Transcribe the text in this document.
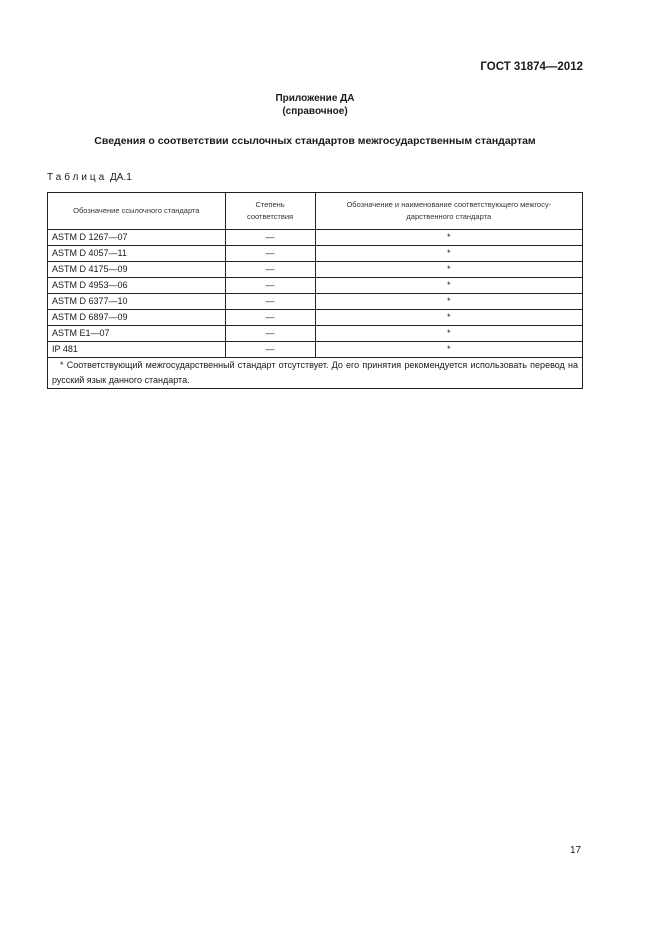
ГОСТ 31874—2012
Приложение ДА
(справочное)
Сведения о соответствии ссылочных стандартов межгосударственным стандартам
Таблица ДА.1
Обозначение ссылочного стандарта	Степень соответствия	Обозначение и наименование соответствующего межгосу-дарственного стандарта
ASTM D 1267—07	—	*
ASTM D 4057—11	—	*
ASTM D 4175—09	—	*
ASTM D 4953—06	—	*
ASTM D 6377—10	—	*
ASTM D 6897—09	—	*
ASTM E1—07	—	*
IP 481	—	*
* Соответствующий межгосударственный стандарт отсутствует. До его принятия рекомендуется использовать перевод на русский язык данного стандарта.		
17
